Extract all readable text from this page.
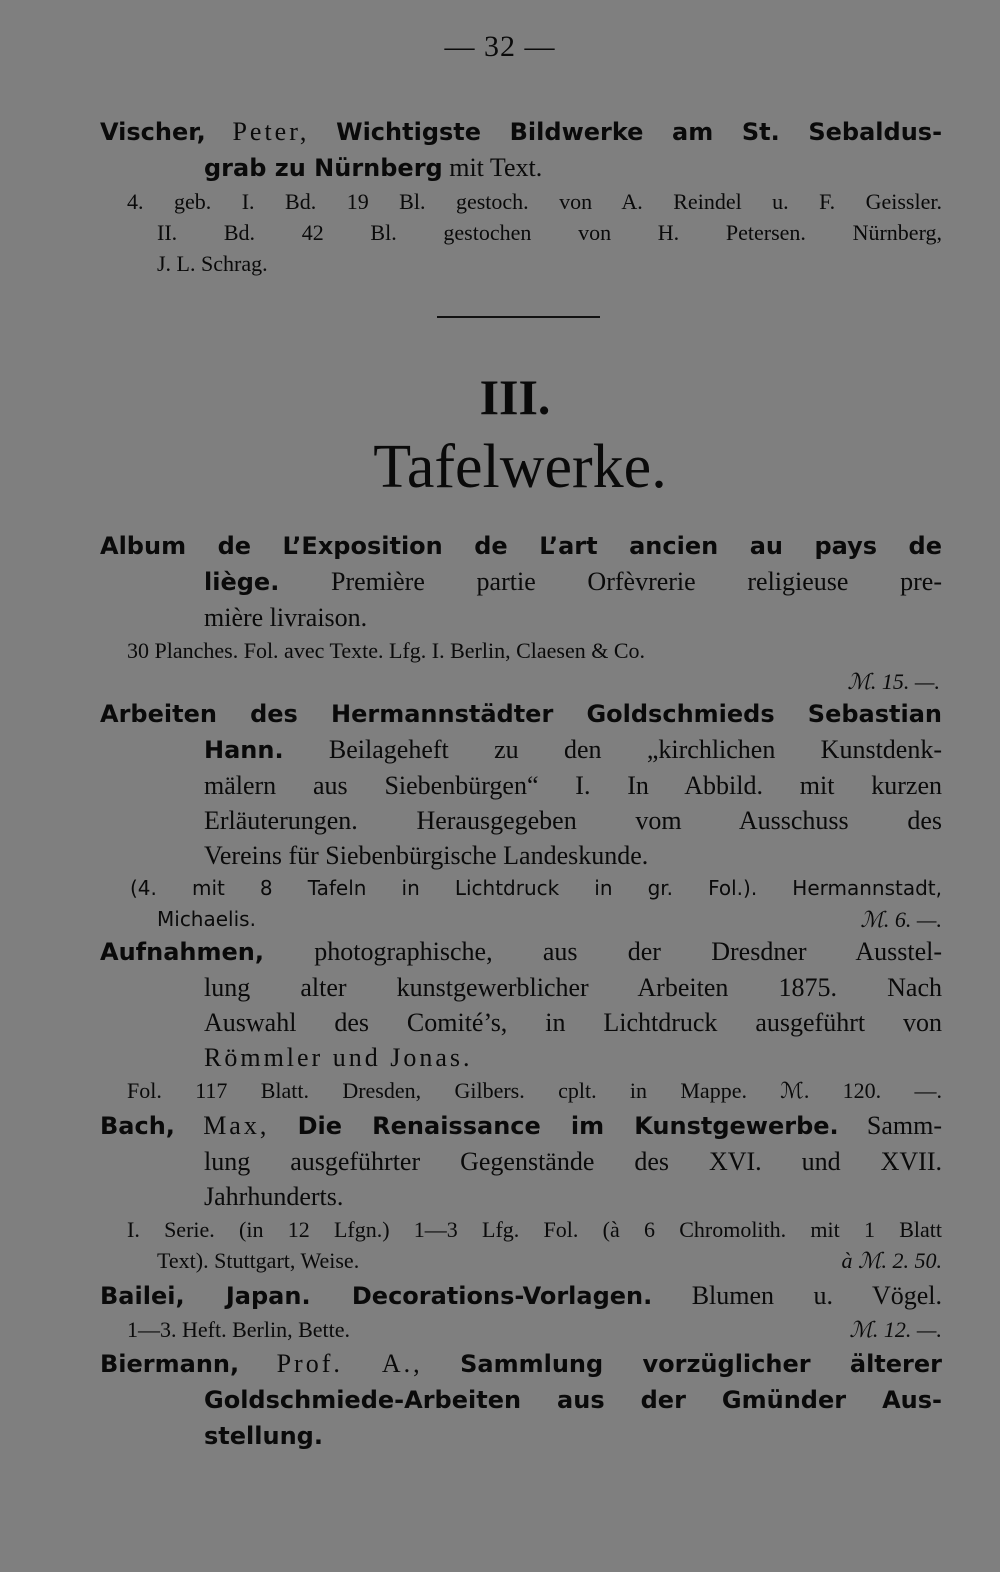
— 32 —
Vischer, Peter, Wichtigste Bildwerke am St. Sebaldus-
grab zu Nürnberg mit Text.
4. geb. I. Bd. 19 Bl. gestoch. von A. Reindel u. F. Geissler.
II. Bd. 42 Bl. gestochen von H. Petersen. Nürnberg,
J. L. Schrag.
III.
Tafelwerke.
Album de L’Exposition de L’art ancien au pays de
liège. Première partie Orfèvrerie religieuse pre-
mière livraison.
30 Planches. Fol. avec Texte. Lfg. I. Berlin, Claesen & Co.
ℳ. 15. —.
Arbeiten des Hermannstädter Goldschmieds Sebastian
Hann. Beilageheft zu den „kirchlichen Kunstdenk-
mälern aus Siebenbürgen“ I. In Abbild. mit kurzen
Erläuterungen. Herausgegeben vom Ausschuss des
Vereins für Siebenbürgische Landeskunde.
(4. mit 8 Tafeln in Lichtdruck in gr. Fol.). Hermannstadt,
Michaelis.	ℳ. 6. —.
Aufnahmen, photographische, aus der Dresdner Ausstel-
lung alter kunstgewerblicher Arbeiten 1875. Nach
Auswahl des Comité’s, in Lichtdruck ausgeführt von
Römmler und Jonas.
Fol. 117 Blatt. Dresden, Gilbers. cplt. in Mappe. ℳ. 120. —.
Bach, Max, Die Renaissance im Kunstgewerbe. Samm-
lung ausgeführter Gegenstände des XVI. und XVII.
Jahrhunderts.
I. Serie. (in 12 Lfgn.) 1—3 Lfg. Fol. (à 6 Chromolith. mit 1 Blatt
Text). Stuttgart, Weise.	à ℳ. 2. 50.
Bailei, Japan. Decorations-Vorlagen. Blumen u. Vögel.
1—3. Heft. Berlin, Bette.	ℳ. 12. —.
Biermann, Prof. A., Sammlung vorzüglicher älterer
Goldschmiede-Arbeiten aus der Gmünder Aus-
stellung.
